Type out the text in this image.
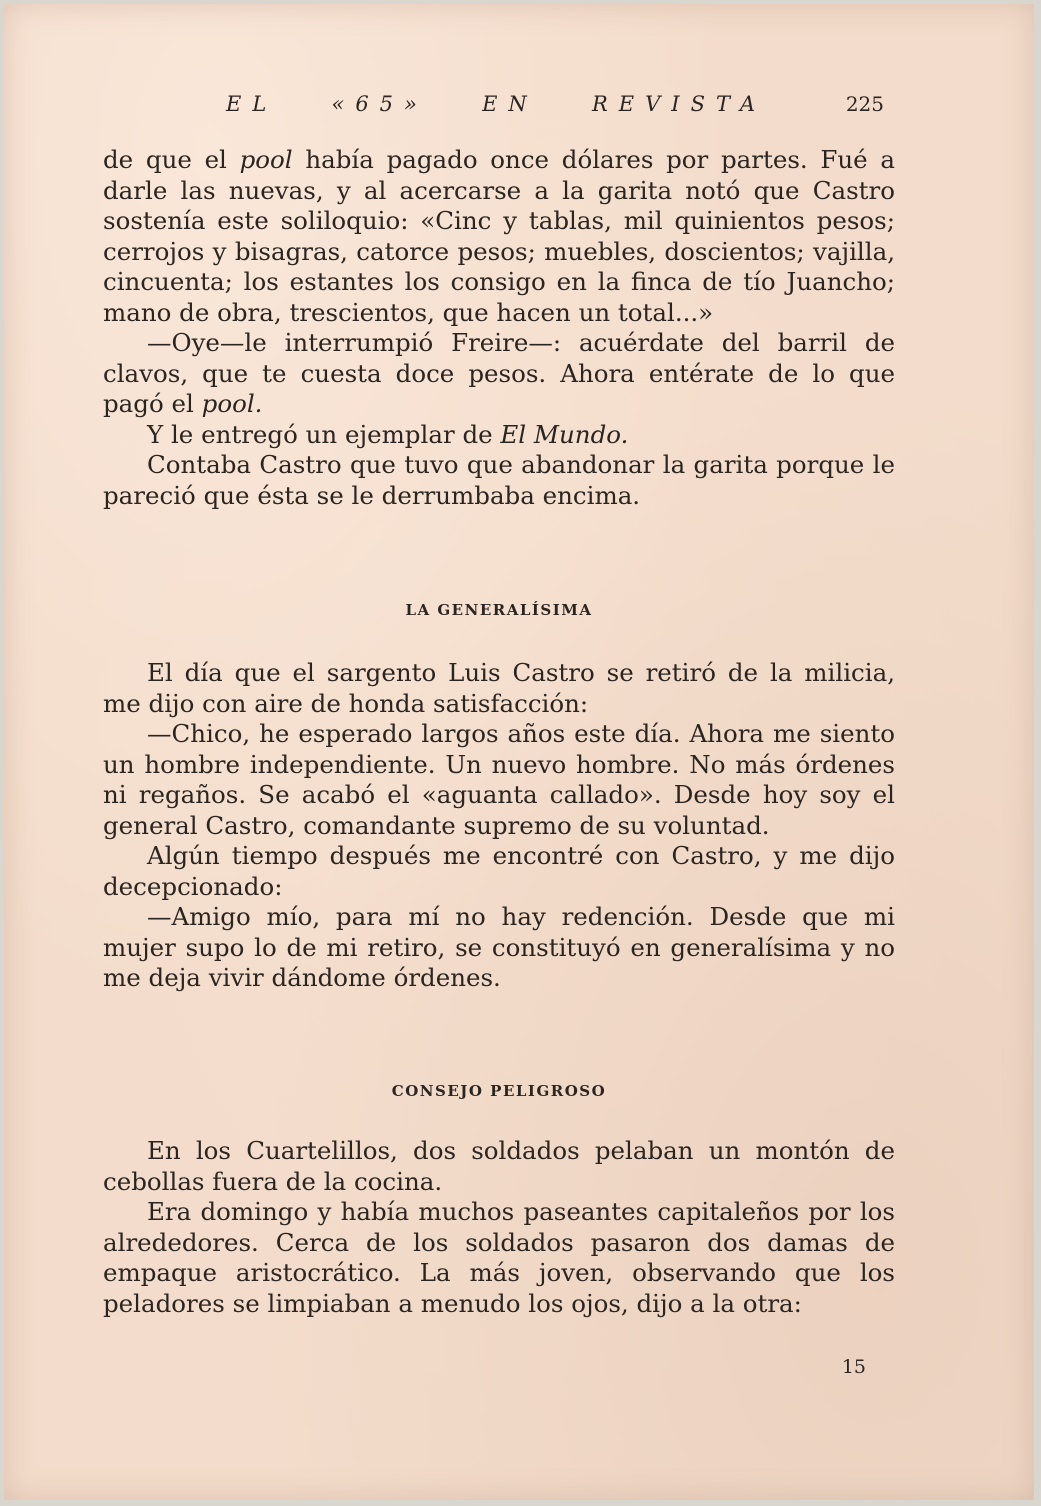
EL	«65»	EN	REVISTA	225

de que el pool había pagado once dólares por partes. Fué a darle las nuevas, y al acercarse a la garita notó que Castro sostenía este soliloquio: «Cinc y tablas, mil quinientos pesos; cerrojos y bisagras, catorce pesos; muebles, doscientos; vajilla, cincuenta; los estantes los consigo en la finca de tío Juancho; mano de obra, trescientos, que hacen un total...»

—Oye—le interrumpió Freire—: acuérdate del barril de clavos, que te cuesta doce pesos. Ahora entérate de lo que pagó el pool.

Y le entregó un ejemplar de El Mundo.

Contaba Castro que tuvo que abandonar la garita porque le pareció que ésta se le derrumbaba encima.

LA GENERALÍSIMA

El día que el sargento Luis Castro se retiró de la milicia, me dijo con aire de honda satisfacción:

—Chico, he esperado largos años este día. Ahora me siento un hombre independiente. Un nuevo hombre. No más órdenes ni regaños. Se acabó el «aguanta callado». Desde hoy soy el general Castro, comandante supremo de su voluntad.

Algún tiempo después me encontré con Castro, y me dijo decepcionado:

—Amigo mío, para mí no hay redención. Desde que mi mujer supo lo de mi retiro, se constituyó en generalísima y no me deja vivir dándome órdenes.

CONSEJO PELIGROSO

En los Cuartelillos, dos soldados pelaban un montón de cebollas fuera de la cocina.

Era domingo y había muchos paseantes capitaleños por los alrededores. Cerca de los soldados pasaron dos damas de empaque aristocrático. La más joven, observando que los peladores se limpiaban a menudo los ojos, dijo a la otra:

15
